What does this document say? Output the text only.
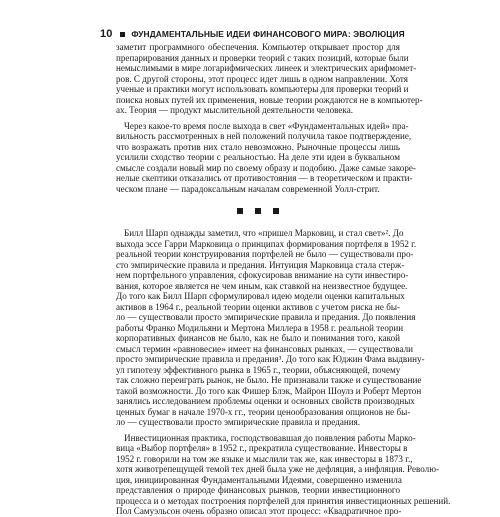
10 ФУНДАМЕНТАЛЬНЫЕ ИДЕИ ФИНАНСОВОГО МИРА: ЭВОЛЮЦИЯ
заметит программного обеспечения. Компьютер открывает простор для
препарирования данных и проверки теорий с таких позиций, которые были
немыслимыми в мире логарифмических линеек и электрических арифмомет-
ров. С другой стороны, этот процесс идет лишь в одном направлении. Хотя
ученые и практики могут использовать компьютеры для проверки теорий и
поиска новых путей их применения, новые теории рождаются не в компьютер-
ах. Теория — продукт мыслительной деятельности человека.
Через какое-то время после выхода в свет «Фундаментальных идей» пра-
вильность рассмотренных в ней положений получила такое подтверждение,
что возражать против них стало невозможно. Рыночные процессы лишь
усилили сходство теории с реальностью. На деле эти идеи в буквальном
смысле создали новый мир по своему образу и подобию. Даже самые закоре-
нелые скептики отказались от противостояния — в теоретическом и практи-
ческом плане — парадоксальным началам современной Уолл-стрит.
Билл Шарп однажды заметил, что «пришел Марковиц, и стал свет»². До
выхода эссе Гарри Марковица о принципах формирования портфеля в 1952 г.
реальной теории конструирования портфелей не было — существовали про-
сто эмпирические правила и предания. Интуиция Марковица стала стерж-
нем портфельного управления, сфокусировав внимание на сути инвестиро-
вания, которое является не чем иным, как ставкой на неизвестное будущее.
До того как Билл Шарп сформулировал идею модели оценки капитальных
активов в 1964 г., реальной теории оценки активов с учетом риска не бы-
ло — существовали просто эмпирические правила и предания. До появления
работы Франко Модильяни и Мертона Миллера в 1958 г. реальной теории
корпоративных финансов не было, как не было и понимания того, какой
смысл термин «равновесие» имеет на финансовых рынках, — существовали
просто эмпирические правила и предания³. До того как Юджин Фама выдвину-
ул гипотезу эффективного рынка в 1965 г., теории, объясняющей, почему
так сложно переиграть рынок, не было. Не признавали также и существование
такой возможности. До того как Фишер Блэк, Майрон Шоулз и Роберт Мертон
занялись исследованием проблемы оценки и основных свойств производных
ценных бумаг в начале 1970-х гг., теории ценообразования опционов не бы-
ло — существовали просто эмпирические правила и предания.
Инвестиционная практика, господствовавшая до появления работы Марко-
вица «Выбор портфеля» в 1952 г., прекратила существование. Инвесторы в
1952 г. говорили на том же языке и мыслили так же, как инвесторы в 1873 г.,
хотя животрепещущей темой тех дней была уже не дефляция, а инфляция. Револю-
ция, инициированная Фундаментальными Идеями, совершенно изменила
представления о природе финансовых рынков, теории инвестиционного
процесса и о методах построения портфелей для принятия инвестиционных решений.
Пол Самуэльсон очень образно описал этот процесс: «Квадратичное про-
